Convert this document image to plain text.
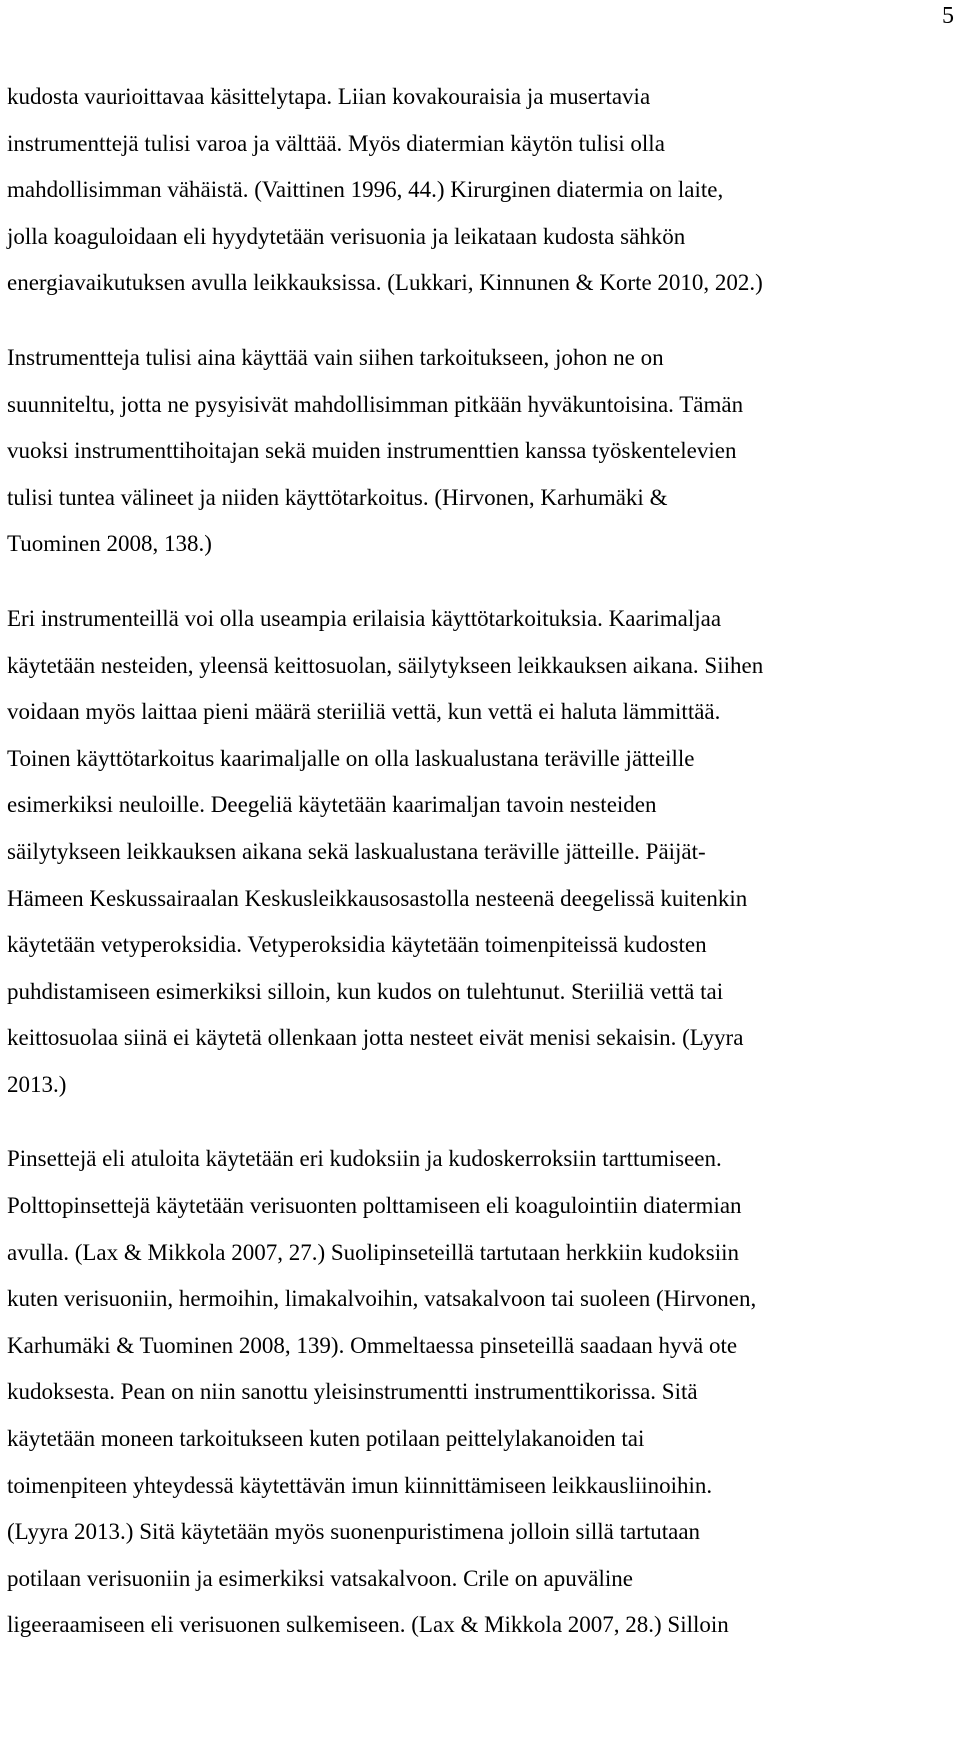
5

kudosta vaurioittavaa käsittelytapa. Liian kovakouraisia ja musertavia
instrumenttejä tulisi varoa ja välttää. Myös diatermian käytön tulisi olla
mahdollisimman vähäistä. (Vaittinen 1996, 44.) Kirurginen diatermia on laite,
jolla koaguloidaan eli hyydytetään verisuonia ja leikataan kudosta sähkön
energiavaikutuksen avulla leikkauksissa. (Lukkari, Kinnunen & Korte 2010, 202.)

Instrumentteja tulisi aina käyttää vain siihen tarkoitukseen, johon ne on
suunniteltu, jotta ne pysyisivät mahdollisimman pitkään hyväkuntoisina. Tämän
vuoksi instrumenttihoitajan sekä muiden instrumenttien kanssa työskentelevien
tulisi tuntea välineet ja niiden käyttötarkoitus. (Hirvonen, Karhumäki &
Tuominen 2008, 138.)

Eri instrumenteillä voi olla useampia erilaisia käyttötarkoituksia. Kaarimaljaa
käytetään nesteiden, yleensä keittosuolan, säilytykseen leikkauksen aikana. Siihen
voidaan myös laittaa pieni määrä steriiliä vettä, kun vettä ei haluta lämmittää.
Toinen käyttötarkoitus kaarimaljalle on olla laskualustana teräville jätteille
esimerkiksi neuloille. Deegeliä käytetään kaarimaljan tavoin nesteiden
säilytykseen leikkauksen aikana sekä laskualustana teräville jätteille. Päijät-
Hämeen Keskussairaalan Keskusleikkausosastolla nesteenä deegelissä kuitenkin
käytetään vetyperoksidia. Vetyperoksidia käytetään toimenpiteissä kudosten
puhdistamiseen esimerkiksi silloin, kun kudos on tulehtunut. Steriiliä vettä tai
keittosuolaa siinä ei käytetä ollenkaan jotta nesteet eivät menisi sekaisin. (Lyyra
2013.)

Pinsettejä eli atuloita käytetään eri kudoksiin ja kudoskerroksiin tarttumiseen.
Polttopinsettejä käytetään verisuonten polttamiseen eli koagulointiin diatermian
avulla. (Lax & Mikkola 2007, 27.) Suolipinseteillä tartutaan herkkiin kudoksiin
kuten verisuoniin, hermoihin, limakalvoihin, vatsakalvoon tai suoleen (Hirvonen,
Karhumäki & Tuominen 2008, 139). Ommeltaessa pinseteillä saadaan hyvä ote
kudoksesta. Pean on niin sanottu yleisinstrumentti instrumenttikorissa. Sitä
käytetään moneen tarkoitukseen kuten potilaan peittelylakanoiden tai
toimenpiteen yhteydessä käytettävän imun kiinnittämiseen leikkausliinoihin.
(Lyyra 2013.) Sitä käytetään myös suonenpuristimena jolloin sillä tartutaan
potilaan verisuoniin ja esimerkiksi vatsakalvoon. Crile on apuväline
ligeeraamiseen eli verisuonen sulkemiseen. (Lax & Mikkola 2007, 28.) Silloin
